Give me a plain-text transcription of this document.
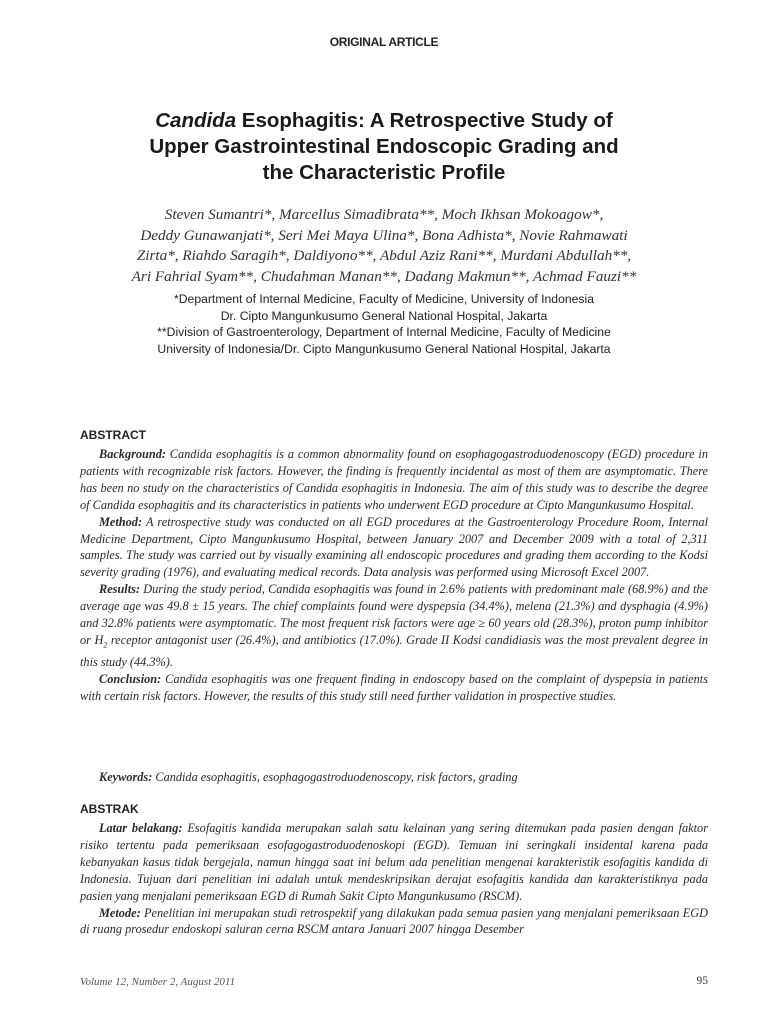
ORIGINAL ARTICLE
Candida Esophagitis: A Retrospective Study of
Upper Gastrointestinal Endoscopic Grading and
the Characteristic Profile
Steven Sumantri*, Marcellus Simadibrata**, Moch Ikhsan Mokoagow*,
Deddy Gunawanjati*, Seri Mei Maya Ulina*, Bona Adhista*, Novie Rahmawati
Zirta*, Riahdo Saragih*, Daldiyono**, Abdul Aziz Rani**, Murdani Abdullah**,
Ari Fahrial Syam**, Chudahman Manan**, Dadang Makmun**, Achmad Fauzi**
*Department of Internal Medicine, Faculty of Medicine, University of Indonesia
Dr. Cipto Mangunkusumo General National Hospital, Jakarta
**Division of Gastroenterology, Department of Internal Medicine, Faculty of Medicine
University of Indonesia/Dr. Cipto Mangunkusumo General National Hospital, Jakarta
ABSTRACT

Background: Candida esophagitis is a common abnormality found on esophagogastroduodenoscopy (EGD) procedure in patients with recognizable risk factors. However, the finding is frequently incidental as most of them are asymptomatic. There has been no study on the characteristics of Candida esophagitis in Indonesia. The aim of this study was to describe the degree of Candida esophagitis and its characteristics in patients who underwent EGD procedure at Cipto Mangunkusumo Hospital.

Method: A retrospective study was conducted on all EGD procedures at the Gastroenterology Procedure Room, Internal Medicine Department, Cipto Mangunkusumo Hospital, between January 2007 and December 2009 with a total of 2,311 samples. The study was carried out by visually examining all endoscopic procedures and grading them according to the Kodsi severity grading (1976), and evaluating medical records. Data analysis was performed using Microsoft Excel 2007.

Results: During the study period, Candida esophagitis was found in 2.6% patients with predominant male (68.9%) and the average age was 49.8 ± 15 years. The chief complaints found were dyspepsia (34.4%), melena (21.3%) and dysphagia (4.9%) and 32.8% patients were asymptomatic. The most frequent risk factors were age ≥ 60 years old (28.3%), proton pump inhibitor or $H_2$ receptor antagonist user (26.4%), and antibiotics (17.0%). Grade II Kodsi candidiasis was the most prevalent degree in this study (44.3%).

Conclusion: Candida esophagitis was one frequent finding in endoscopy based on the complaint of dyspepsia in patients with certain risk factors. However, the results of this study still need further validation in prospective studies.

Keywords: Candida esophagitis, esophagogastroduodenoscopy, risk factors, grading
ABSTRAK

Latar belakang: Esofagitis kandida merupakan salah satu kelainan yang sering ditemukan pada pasien dengan faktor risiko tertentu pada pemeriksaan esofagogastroduodenoskopi (EGD). Temuan ini seringkali insidental karena pada kebanyakan kasus tidak bergejala, namun hingga saat ini belum ada penelitian mengenai karakteristik esofagitis kandida di Indonesia. Tujuan dari penelitian ini adalah untuk mendeskripsikan derajat esofagitis kandida dan karakteristiknya pada pasien yang menjalani pemeriksaan EGD di Rumah Sakit Cipto Mangunkusumo (RSCM).

Metode: Penelitian ini merupakan studi retrospektif yang dilakukan pada semua pasien yang menjalani pemeriksaan EGD di ruang prosedur endoskopi saluran cerna RSCM antara Januari 2007 hingga Desember

Volume 12, Number 2, August 2011	95
